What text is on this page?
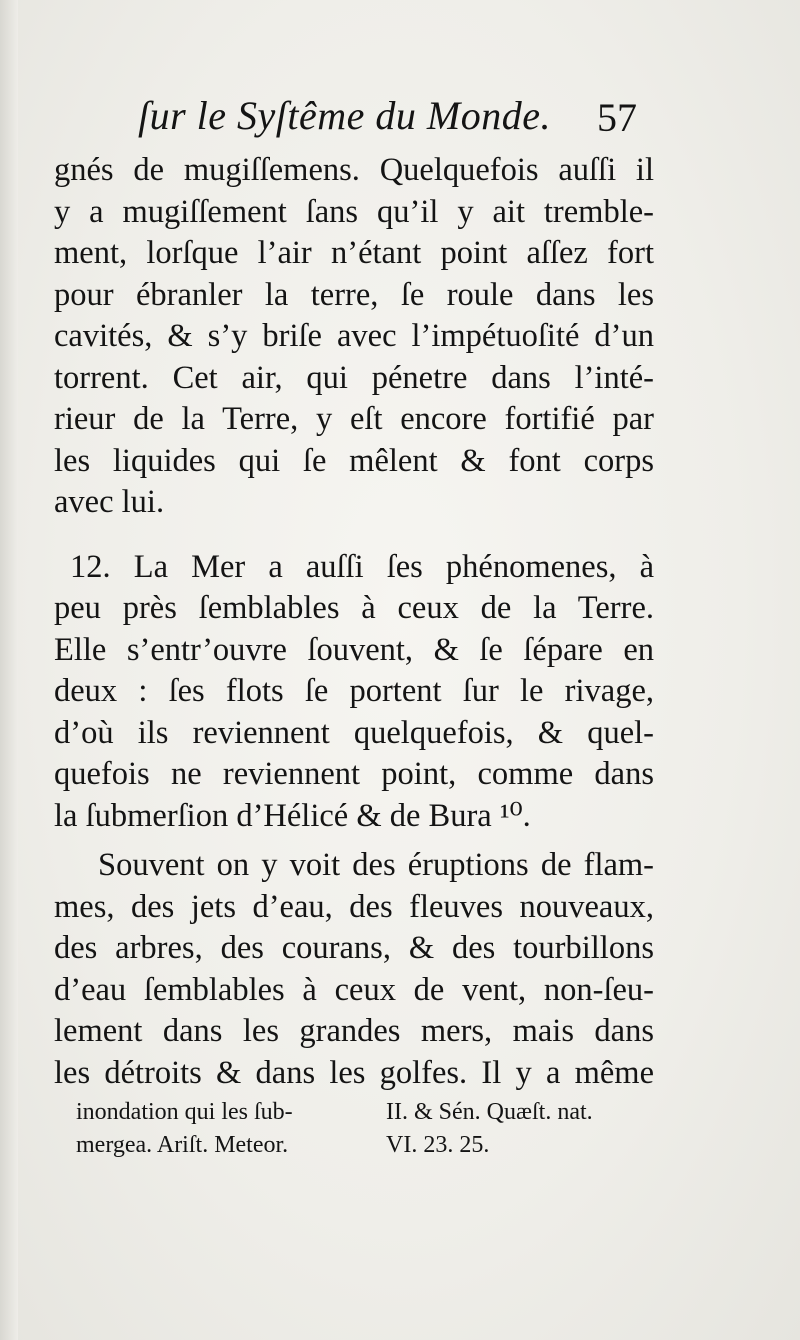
ſur le Syſtême du Monde. 57
gnés de mugiſſemens. Quelquefois auſſi il
y a mugiſſement ſans qu’il y ait tremble-
ment, lorſque l’air n’étant point aſſez fort
pour ébranler la terre, ſe roule dans les
cavités, & s’y briſe avec l’impétuoſité d’un
torrent. Cet air, qui pénetre dans l’inté-
rieur de la Terre, y eſt encore fortifié par
les liquides qui ſe mêlent & font corps
avec lui.
12. La Mer a auſſi ſes phénomenes, à
peu près ſemblables à ceux de la Terre.
Elle s’entr’ouvre ſouvent, & ſe ſépare en
deux : ſes flots ſe portent ſur le rivage,
d’où ils reviennent quelquefois, & quel-
quefois ne reviennent point, comme dans
la ſubmerſion d’Hélicé & de Bura ¹⁰.
Souvent on y voit des éruptions de flam-
mes, des jets d’eau, des fleuves nouveaux,
des arbres, des courans, & des tourbillons
d’eau ſemblables à ceux de vent, non-ſeu-
lement dans les grandes mers, mais dans
les détroits & dans les golfes. Il y a même
inondation qui les ſub-
mergea. Ariſt. Meteor.
II. & Sén. Quæſt. nat.
VI. 23. 25.
